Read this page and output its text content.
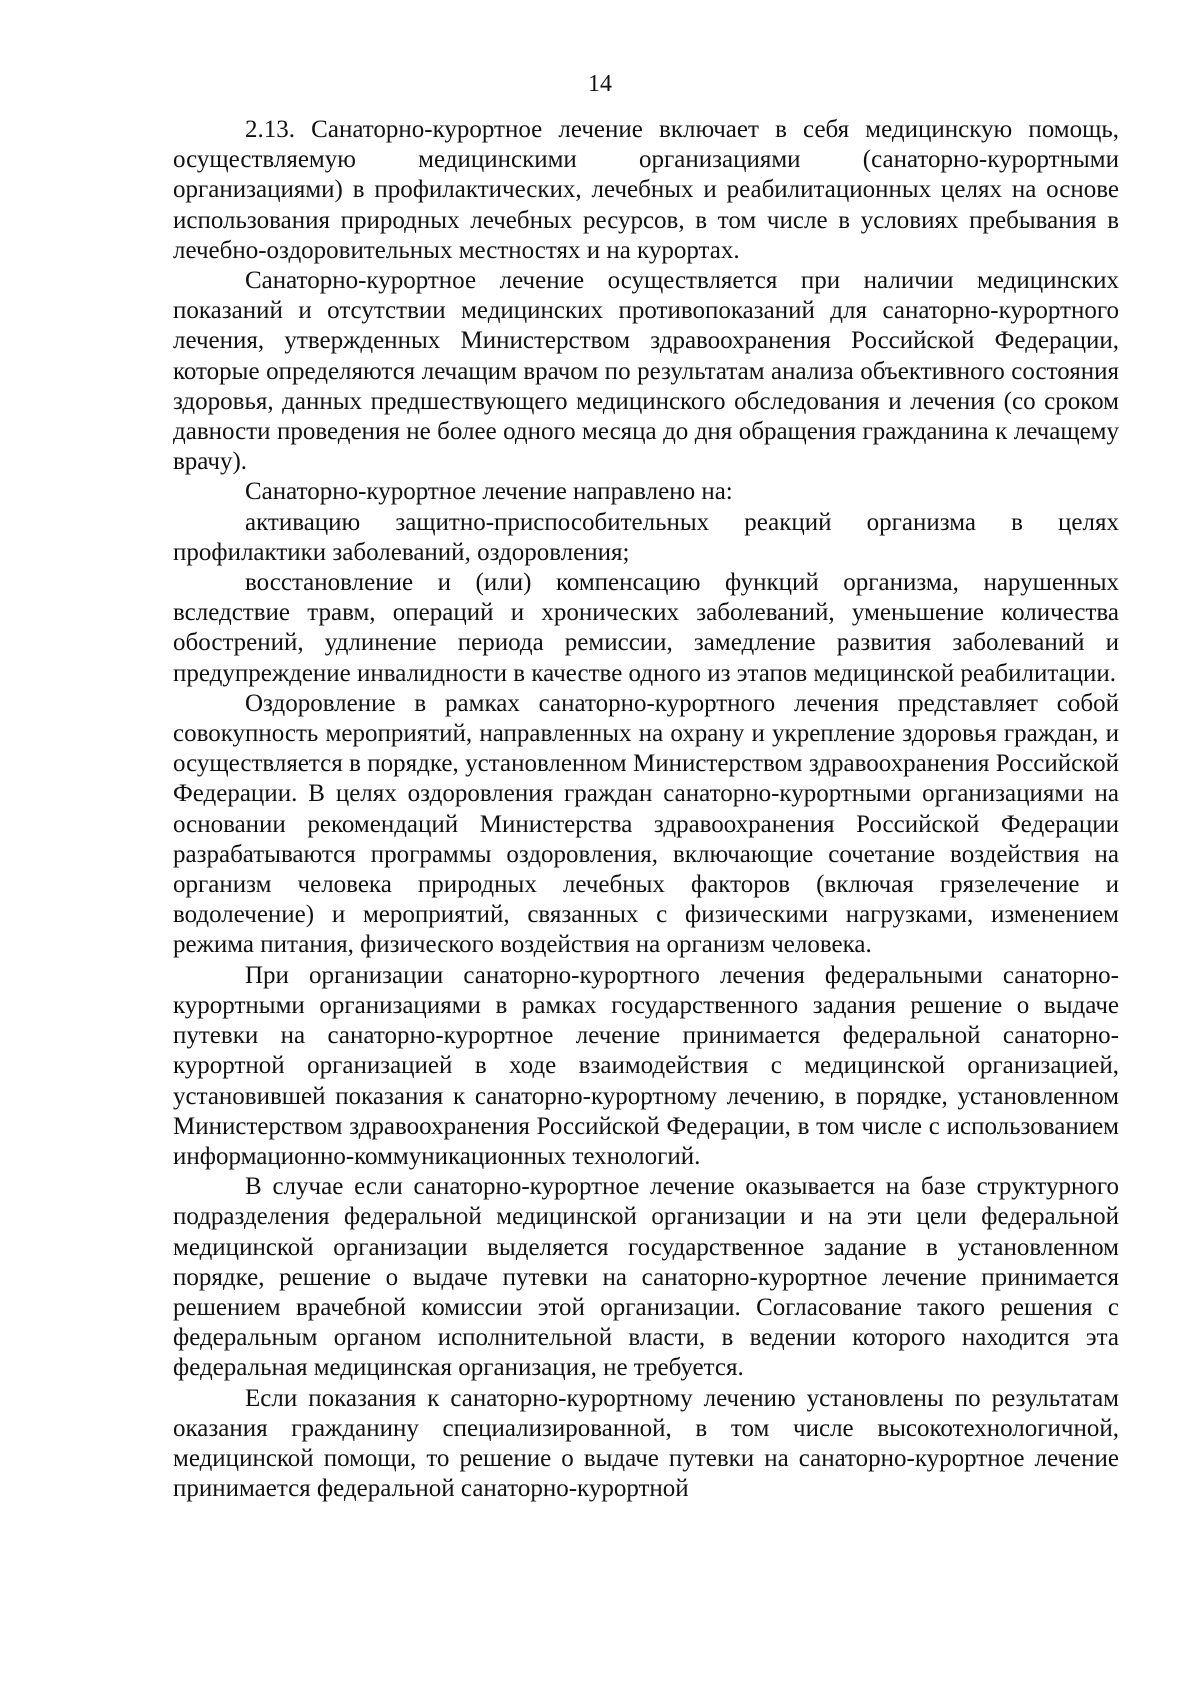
14

2.13. Санаторно-курортное лечение включает в себя медицинскую помощь, осуществляемую медицинскими организациями (санаторно-курортными организациями) в профилактических, лечебных и реабилитационных целях на основе использования природных лечебных ресурсов, в том числе в условиях пребывания в лечебно-оздоровительных местностях и на курортах.

Санаторно-курортное лечение осуществляется при наличии медицинских показаний и отсутствии медицинских противопоказаний для санаторно-курортного лечения, утвержденных Министерством здравоохранения Российской Федерации, которые определяются лечащим врачом по результатам анализа объективного состояния здоровья, данных предшествующего медицинского обследования и лечения (со сроком давности проведения не более одного месяца до дня обращения гражданина к лечащему врачу).

Санаторно-курортное лечение направлено на:

активацию защитно-приспособительных реакций организма в целях профилактики заболеваний, оздоровления;

восстановление и (или) компенсацию функций организма, нарушенных вследствие травм, операций и хронических заболеваний, уменьшение количества обострений, удлинение периода ремиссии, замедление развития заболеваний и предупреждение инвалидности в качестве одного из этапов медицинской реабилитации.

Оздоровление в рамках санаторно-курортного лечения представляет собой совокупность мероприятий, направленных на охрану и укрепление здоровья граждан, и осуществляется в порядке, установленном Министерством здравоохранения Российской Федерации. В целях оздоровления граждан санаторно-курортными организациями на основании рекомендаций Министерства здравоохранения Российской Федерации разрабатываются программы оздоровления, включающие сочетание воздействия на организм человека природных лечебных факторов (включая грязелечение и водолечение) и мероприятий, связанных с физическими нагрузками, изменением режима питания, физического воздействия на организм человека.

При организации санаторно-курортного лечения федеральными санаторно-курортными организациями в рамках государственного задания решение о выдаче путевки на санаторно-курортное лечение принимается федеральной санаторно-курортной организацией в ходе взаимодействия с медицинской организацией, установившей показания к санаторно-курортному лечению, в порядке, установленном Министерством здравоохранения Российской Федерации, в том числе с использованием информационно-коммуникационных технологий.

В случае если санаторно-курортное лечение оказывается на базе структурного подразделения федеральной медицинской организации и на эти цели федеральной медицинской организации выделяется государственное задание в установленном порядке, решение о выдаче путевки на санаторно-курортное лечение принимается решением врачебной комиссии этой организации. Согласование такого решения с федеральным органом исполнительной власти, в ведении которого находится эта федеральная медицинская организация, не требуется.

Если показания к санаторно-курортному лечению установлены по результатам оказания гражданину специализированной, в том числе высокотехнологичной, медицинской помощи, то решение о выдаче путевки на санаторно-курортное лечение принимается федеральной санаторно-курортной
